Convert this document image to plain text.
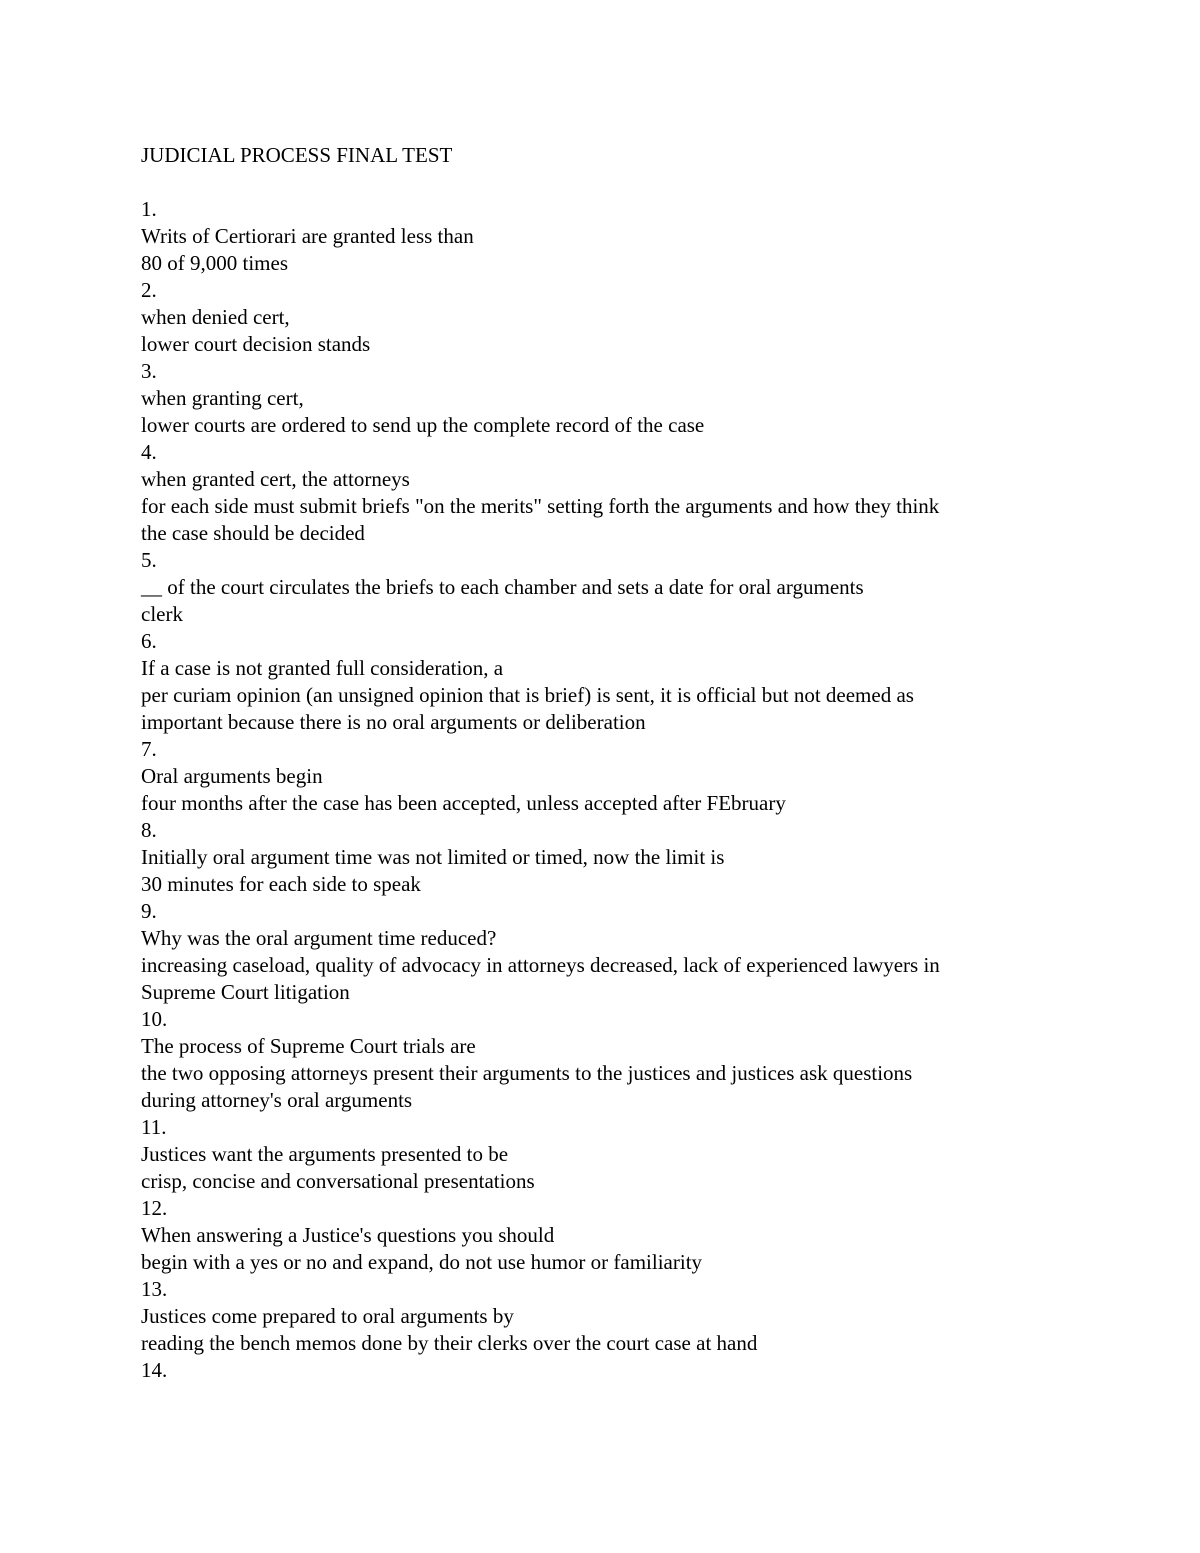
JUDICIAL PROCESS FINAL TEST
1.
Writs of Certiorari are granted less than
80 of 9,000 times
2.
when denied cert,
lower court decision stands
3.
when granting cert,
lower courts are ordered to send up the complete record of the case
4.
when granted cert, the attorneys
for each side must submit briefs "on the merits" setting forth the arguments and how they think
the case should be decided
5.
__ of the court circulates the briefs to each chamber and sets a date for oral arguments
clerk
6.
If a case is not granted full consideration, a
per curiam opinion (an unsigned opinion that is brief) is sent, it is official but not deemed as
important because there is no oral arguments or deliberation
7.
Oral arguments begin
four months after the case has been accepted, unless accepted after FEbruary
8.
Initially oral argument time was not limited or timed, now the limit is
30 minutes for each side to speak
9.
Why was the oral argument time reduced?
increasing caseload, quality of advocacy in attorneys decreased, lack of experienced lawyers in
Supreme Court litigation
10.
The process of Supreme Court trials are
the two opposing attorneys present their arguments to the justices and justices ask questions
during attorney's oral arguments
11.
Justices want the arguments presented to be
crisp, concise and conversational presentations
12.
When answering a Justice's questions you should
begin with a yes or no and expand, do not use humor or familiarity
13.
Justices come prepared to oral arguments by
reading the bench memos done by their clerks over the court case at hand
14.
